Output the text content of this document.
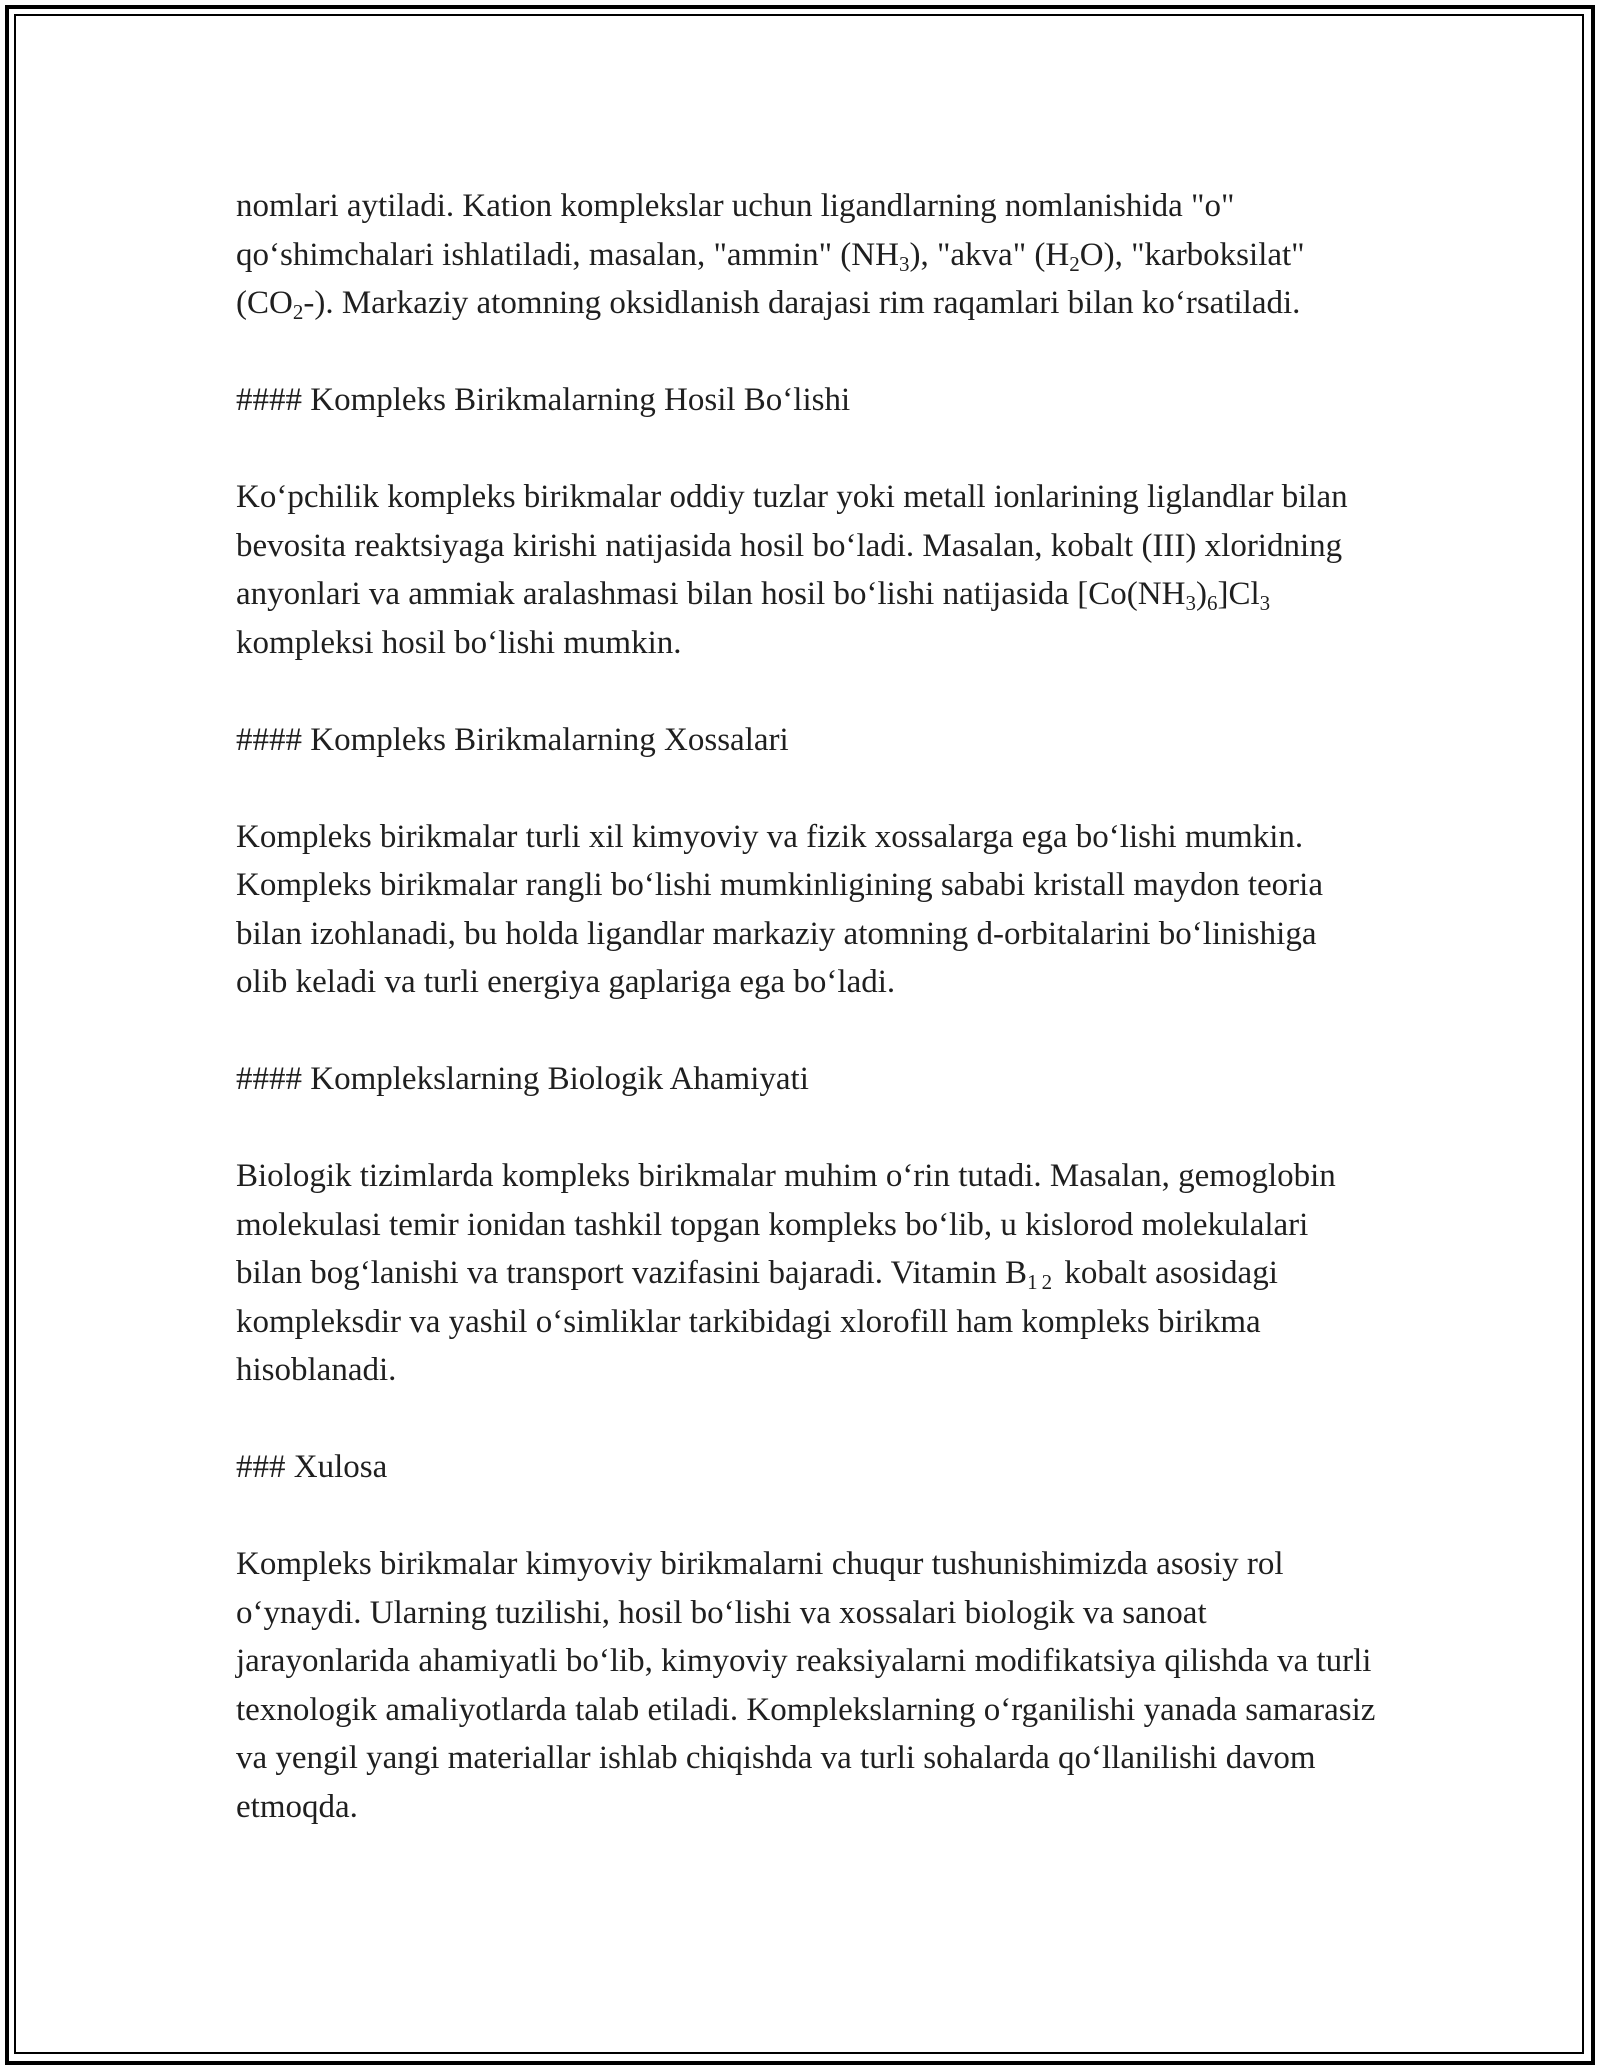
nomlari aytiladi. Kation komplekslar uchun ligandlarning nomlanishida "o" qo‘shimchalari ishlatiladi, masalan, "ammin" $(NH_3)$, "akva" $(H_2O)$, "karboksilat" $(CO_2-)$. Markaziy atomning oksidlanish darajasi rim raqamlari bilan ko‘rsatiladi.

#### Kompleks Birikmalarning Hosil Bo‘lishi

Ko‘pchilik kompleks birikmalar oddiy tuzlar yoki metall ionlarining liglandlar bilan bevosita reaktsiyaga kirishi natijasida hosil bo‘ladi. Masalan, kobalt (III) xloridning anyonlari va ammiak aralashmasi bilan hosil bo‘lishi natijasida $[Co(NH_3)_6]Cl_3$ kompleksi hosil bo‘lishi mumkin.

#### Kompleks Birikmalarning Xossalari

Kompleks birikmalar turli xil kimyoviy va fizik xossalarga ega bo‘lishi mumkin. Kompleks birikmalar rangli bo‘lishi mumkinligining sababi kristall maydon teoria bilan izohlanadi, bu holda ligandlar markaziy atomning d-orbitalarini bo‘linishiga olib keladi va turli energiya gaplariga ega bo‘ladi.

#### Komplekslarning Biologik Ahamiyati

Biologik tizimlarda kompleks birikmalar muhim o‘rin tutadi. Masalan, gemoglobin molekulasi temir ionidan tashkil topgan kompleks bo‘lib, u kislorod molekulalari bilan bog‘lanishi va transport vazifasini bajaradi. Vitamin $B_{12}$ kobalt asosidagi kompleksdir va yashil o‘simliklar tarkibidagi xlorofill ham kompleks birikma hisoblanadi.

### Xulosa

Kompleks birikmalar kimyoviy birikmalarni chuqur tushunishimizda asosiy rol o‘ynaydi. Ularning tuzilishi, hosil bo‘lishi va xossalari biologik va sanoat jarayonlarida ahamiyatli bo‘lib, kimyoviy reaksiyalarni modifikatsiya qilishda va turli texnologik amaliyotlarda talab etiladi. Komplekslarning o‘rganilishi yanada samarasiz va yengil yangi materiallar ishlab chiqishda va turli sohalarda qo‘llanilishi davom etmoqda.
